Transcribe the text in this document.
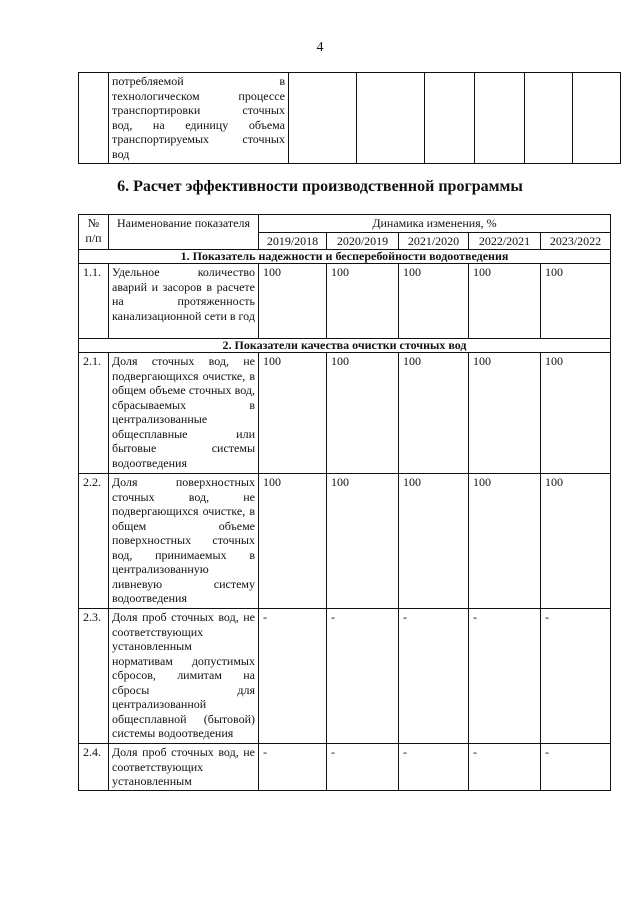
4

потребляемой в
технологическом процессе
транспортировки сточных
вод, на единицу объема
транспортируемых сточных
вод

6. Расчет эффективности производственной программы
№ п/п	Наименование показателя	Динамика изменения, %				
		2019/2018	2020/2019	2021/2020	2022/2021	2023/2022
1. Показатель надежности и бесперебойности водоотведения						
1.1.	Удельное количество аварий и засоров в расчете на протяженность канализационной сети в год	100	100	100	100	100
2. Показатели качества очистки сточных вод						
2.1.	Доля сточных вод, не подвергающихся очистке, в общем объеме сточных вод, сбрасываемых в централизованные общесплавные или бытовые системы водоотведения	100	100	100	100	100
2.2.	Доля поверхностных сточных вод, не подвергающихся очистке, в общем объеме поверхностных сточных вод, принимаемых в централизованную ливневую систему водоотведения	100	100	100	100	100
2.3.	Доля проб сточных вод, не соответствующих установленным нормативам допустимых сбросов, лимитам на сбросы для централизованной общесплавной (бытовой) системы водоотведения	-	-	-	-	-
2.4.	Доля проб сточных вод, не соответствующих установленным	-	-	-	-	-
